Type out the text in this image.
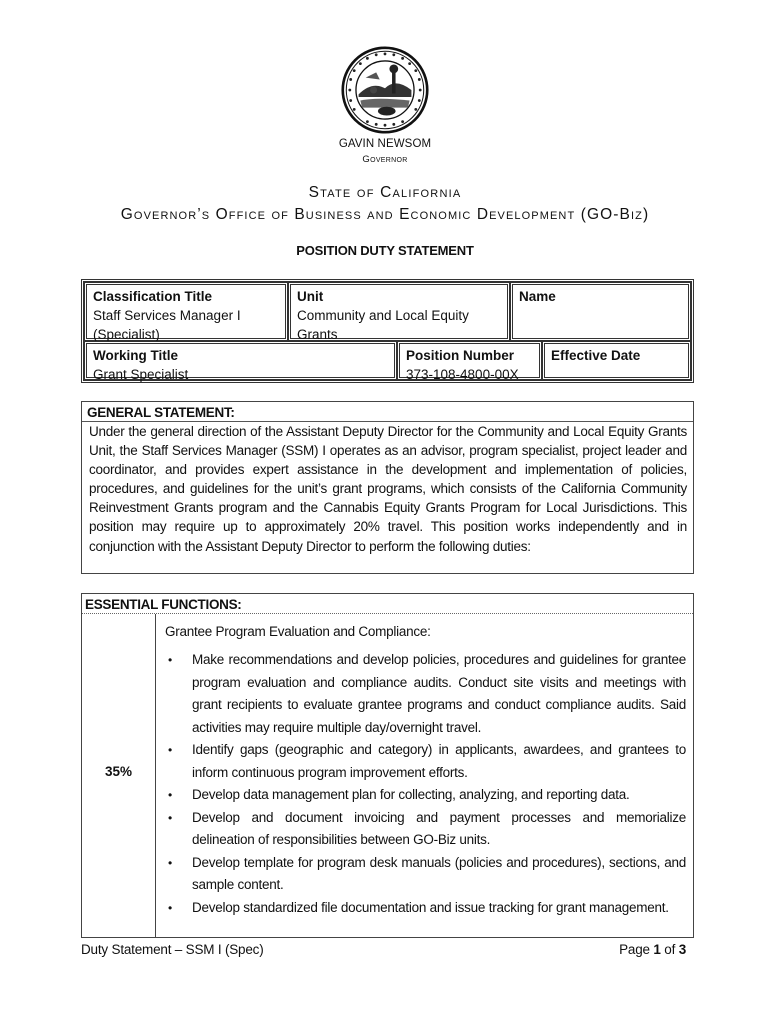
GAVIN NEWSOM
Governor
State of California
Governor’s Office of Business and Economic Development (GO-Biz)
POSITION DUTY STATEMENT
Classification Title
Staff Services Manager I
(Specialist)
Unit
Community and Local Equity
Grants
Name
Working Title
Grant Specialist
Position Number
373-108-4800-00X
Effective Date
GENERAL STATEMENT:
Under the general direction of the Assistant Deputy Director for the Community and Local Equity Grants Unit, the Staff Services Manager (SSM) I operates as an advisor, program specialist, project leader and coordinator, and provides expert assistance in the development and implementation of policies, procedures, and guidelines for the unit’s grant programs, which consists of the California Community Reinvestment Grants program and the Cannabis Equity Grants Program for Local Jurisdictions. This position may require up to approximately 20% travel. This position works independently and in conjunction with the Assistant Deputy Director to perform the following duties:
ESSENTIAL FUNCTIONS:
35%
Grantee Program Evaluation and Compliance:
• Make recommendations and develop policies, procedures and guidelines for grantee program evaluation and compliance audits. Conduct site visits and meetings with grant recipients to evaluate grantee programs and conduct compliance audits. Said activities may require multiple day/overnight travel.
• Identify gaps (geographic and category) in applicants, awardees, and grantees to inform continuous program improvement efforts.
• Develop data management plan for collecting, analyzing, and reporting data.
• Develop and document invoicing and payment processes and memorialize delineation of responsibilities between GO-Biz units.
• Develop template for program desk manuals (policies and procedures), sections, and sample content.
• Develop standardized file documentation and issue tracking for grant management.
Duty Statement – SSM I (Spec)	Page 1 of 3
